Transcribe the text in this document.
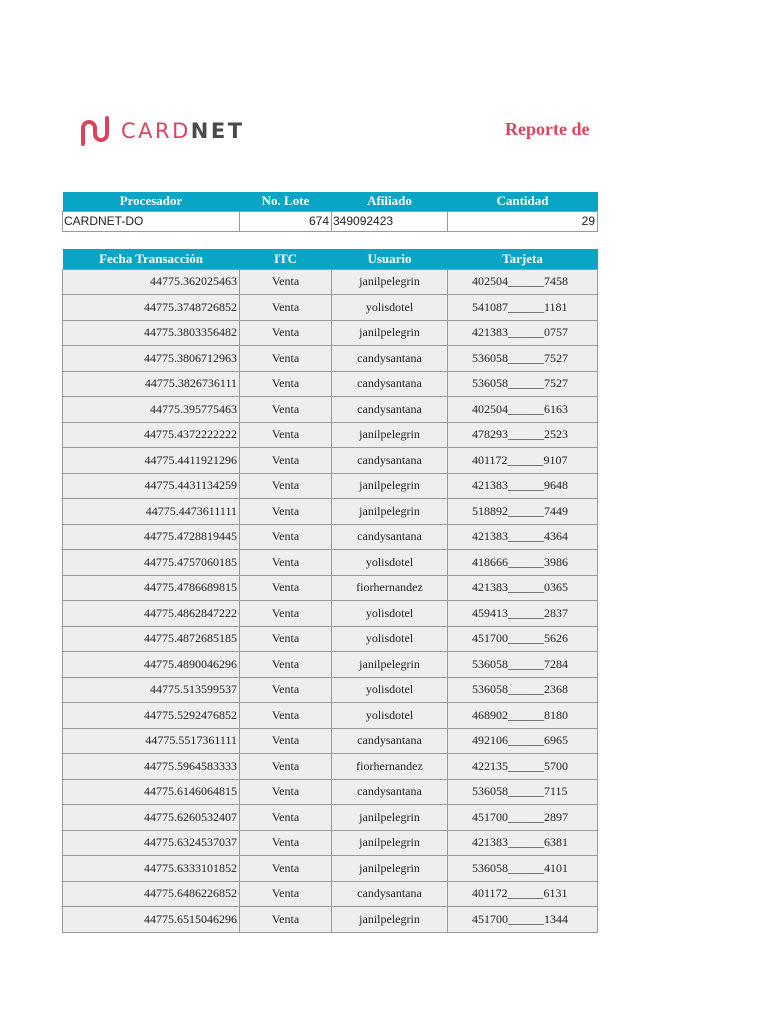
CARDNET	Reporte de
Procesador	No. Lote	Afiliado	Cantidad
CARDNET-DO	674	349092423	29
Fecha Transacción	ITC	Usuario	Tarjeta
44775.362025463	Venta	janilpelegrin	402504______7458
44775.3748726852	Venta	yolisdotel	541087______1181
44775.3803356482	Venta	janilpelegrin	421383______0757
44775.3806712963	Venta	candysantana	536058______7527
44775.3826736111	Venta	candysantana	536058______7527
44775.395775463	Venta	candysantana	402504______6163
44775.4372222222	Venta	janilpelegrin	478293______2523
44775.4411921296	Venta	candysantana	401172______9107
44775.4431134259	Venta	janilpelegrin	421383______9648
44775.4473611111	Venta	janilpelegrin	518892______7449
44775.4728819445	Venta	candysantana	421383______4364
44775.4757060185	Venta	yolisdotel	418666______3986
44775.4786689815	Venta	fiorhernandez	421383______0365
44775.4862847222	Venta	yolisdotel	459413______2837
44775.4872685185	Venta	yolisdotel	451700______5626
44775.4890046296	Venta	janilpelegrin	536058______7284
44775.513599537	Venta	yolisdotel	536058______2368
44775.5292476852	Venta	yolisdotel	468902______8180
44775.5517361111	Venta	candysantana	492106______6965
44775.5964583333	Venta	fiorhernandez	422135______5700
44775.6146064815	Venta	candysantana	536058______7115
44775.6260532407	Venta	janilpelegrin	451700______2897
44775.6324537037	Venta	janilpelegrin	421383______6381
44775.6333101852	Venta	janilpelegrin	536058______4101
44775.6486226852	Venta	candysantana	401172______6131
44775.6515046296	Venta	janilpelegrin	451700______1344
